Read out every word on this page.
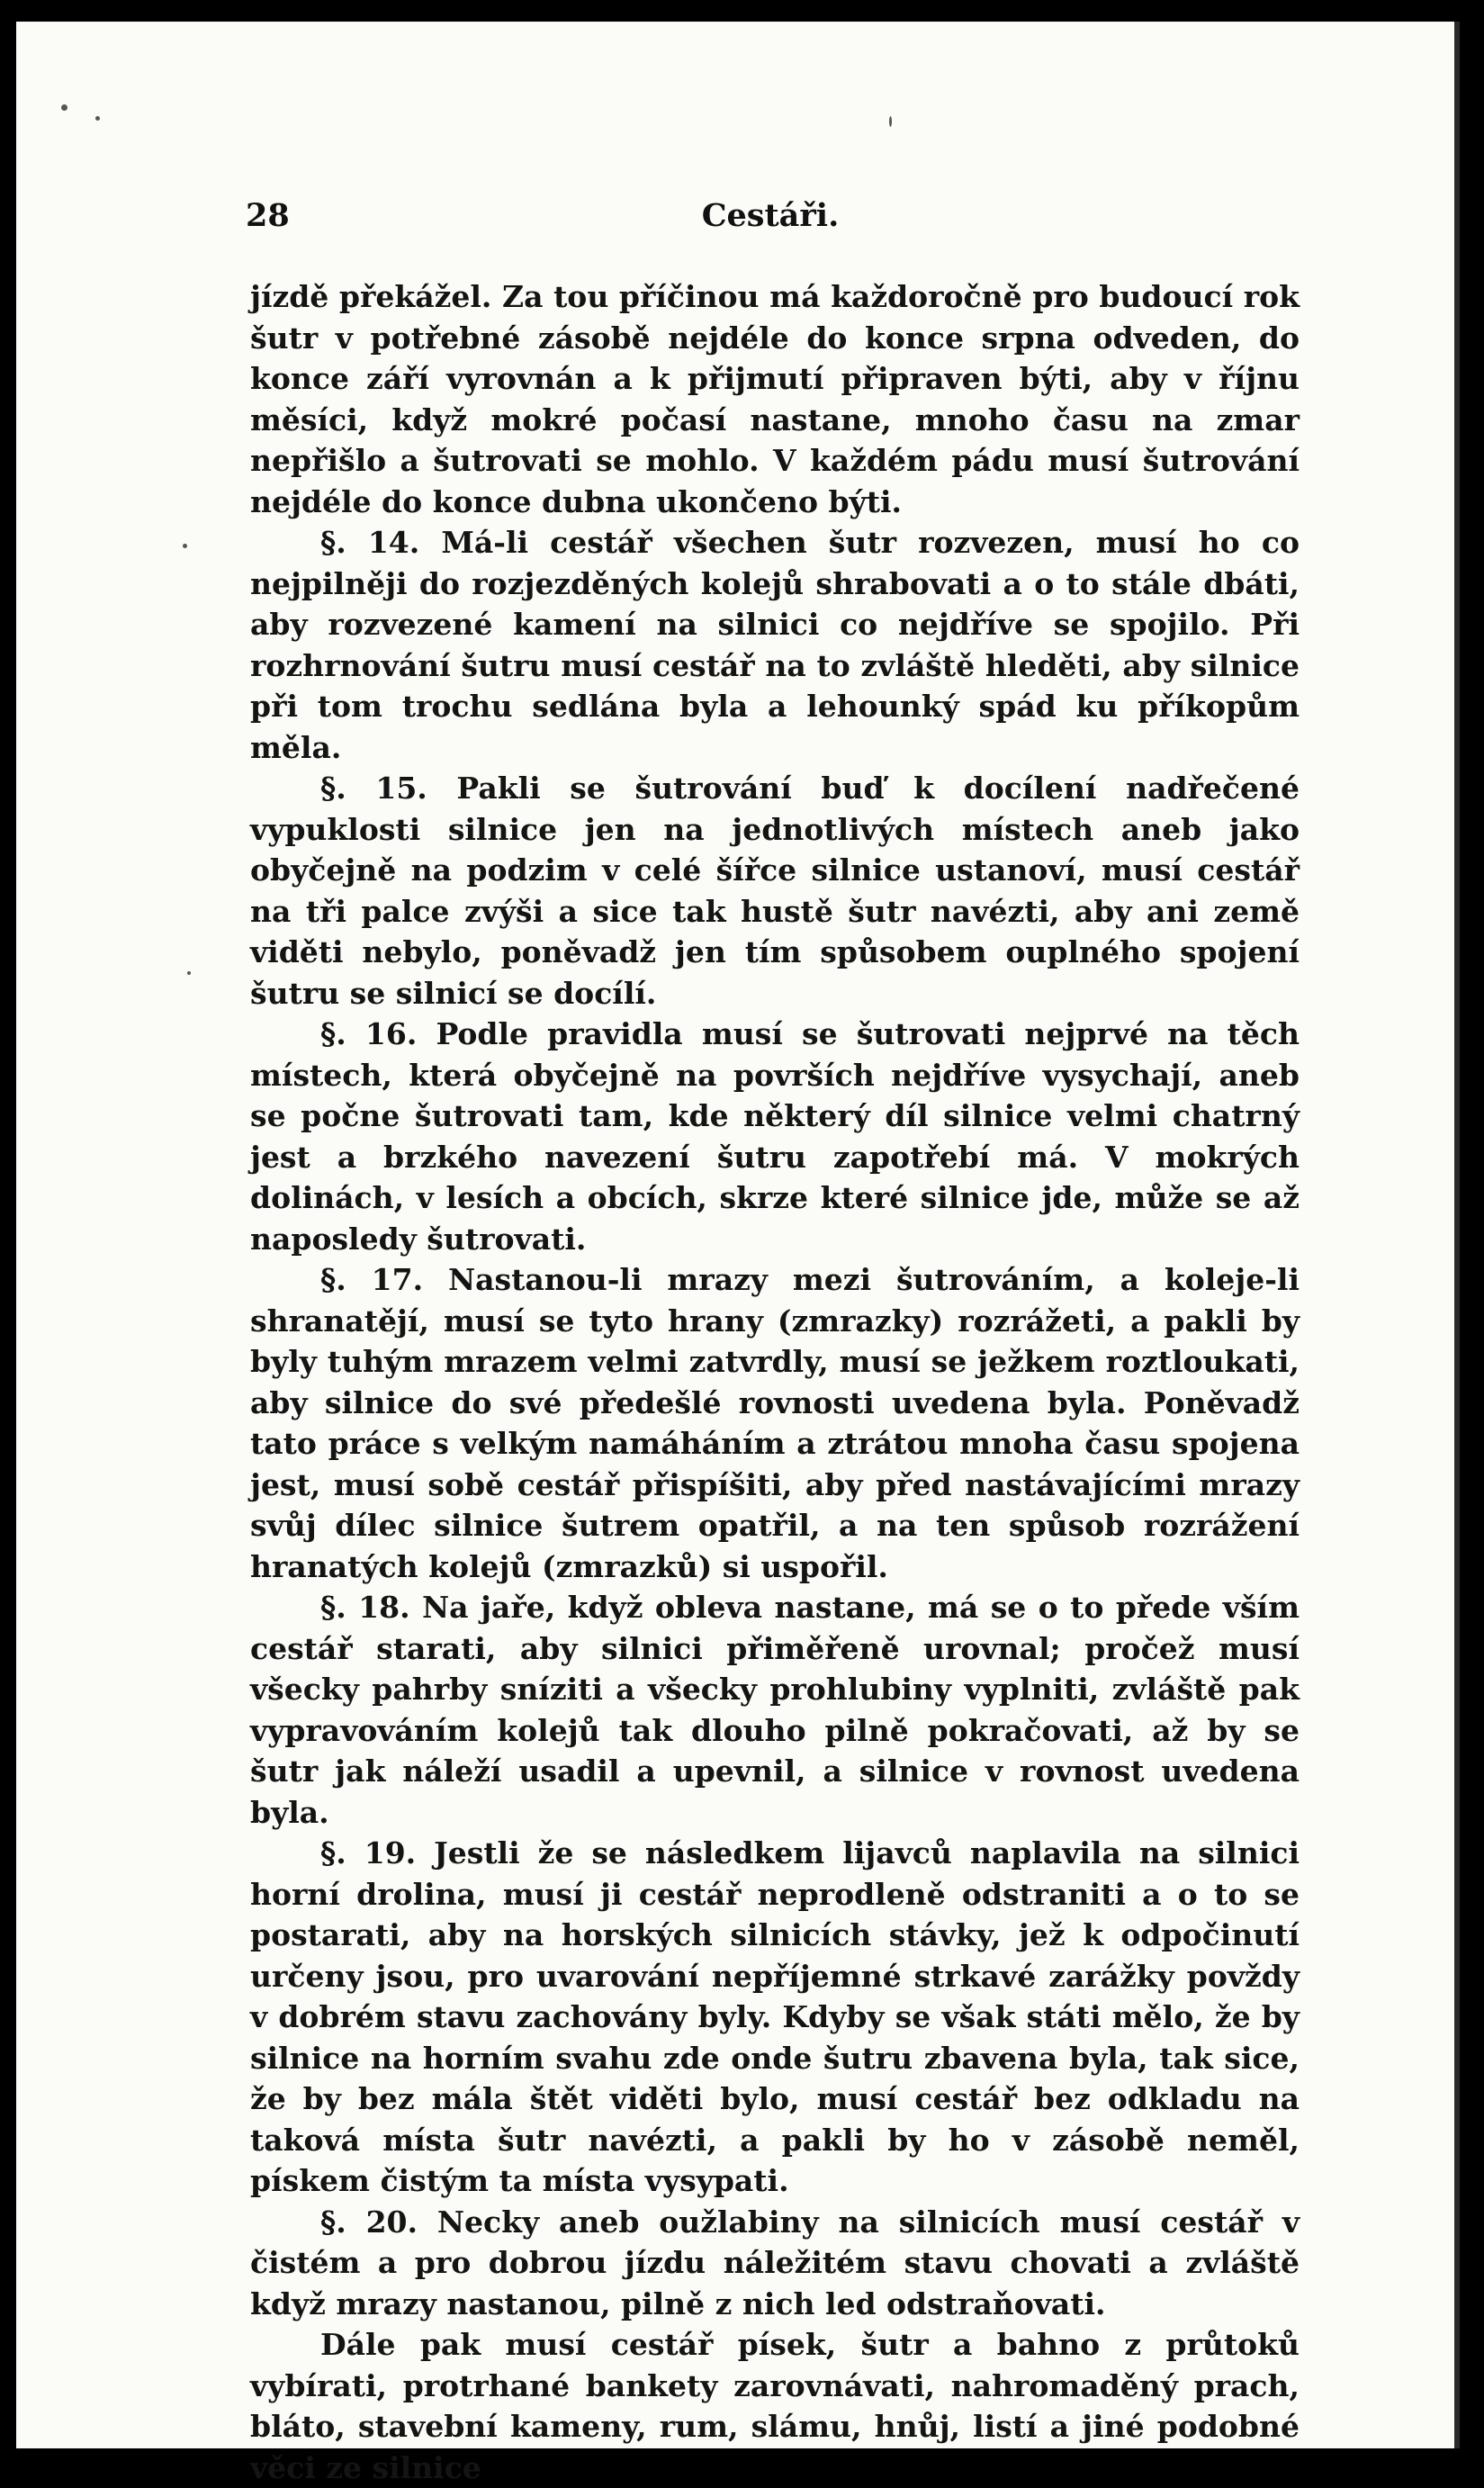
28	Cestáři.

jízdě překážel. Za tou příčinou má každoročně pro budoucí rok šutr v potřebné zásobě nejdéle do konce srpna odveden, do konce září vyrovnán a k přijmutí připraven býti, aby v říjnu měsíci, když mokré počasí nastane, mnoho času na zmar nepřišlo a šutrovati se mohlo. V každém pádu musí šutrování nejdéle do konce dubna ukončeno býti.

§. 14. Má-li cestář všechen šutr rozvezen, musí ho co nejpilněji do rozjezděných kolejů shrabovati a o to stále dbáti, aby rozvezené kamení na silnici co nejdříve se spojilo. Při rozhrnování šutru musí cestář na to zvláště hleděti, aby silnice při tom trochu sedlána byla a lehounký spád ku příkopům měla.

§. 15. Pakli se šutrování buď k docílení nadřečené vypuklosti silnice jen na jednotlivých místech aneb jako obyčejně na podzim v celé šířce silnice ustanoví, musí cestář na tři palce zvýši a sice tak hustě šutr navézti, aby ani země viděti nebylo, poněvadž jen tím spůsobem ouplného spojení šutru se silnicí se docílí.

§. 16. Podle pravidla musí se šutrovati nejprvé na těch místech, která obyčejně na površích nejdříve vysychají, aneb se počne šutrovati tam, kde některý díl silnice velmi chatrný jest a brzkého navezení šutru zapotřebí má. V mokrých dolinách, v lesích a obcích, skrze které silnice jde, může se až naposledy šutrovati.

§. 17. Nastanou-li mrazy mezi šutrováním, a koleje-li shranatějí, musí se tyto hrany (zmrazky) rozrážeti, a pakli by byly tuhým mrazem velmi zatvrdly, musí se ježkem roztloukati, aby silnice do své předešlé rovnosti uvedena byla. Poněvadž tato práce s velkým namáháním a ztrátou mnoha času spojena jest, musí sobě cestář přispíšiti, aby před nastávajícími mrazy svůj dílec silnice šutrem opatřil, a na ten spůsob rozrážení hranatých kolejů (zmrazků) si uspořil.

§. 18. Na jaře, když obleva nastane, má se o to přede vším cestář starati, aby silnici přiměřeně urovnal; pročež musí všecky pahrby sníziti a všecky prohlubiny vyplniti, zvláště pak vypravováním kolejů tak dlouho pilně pokračovati, až by se šutr jak náleží usadil a upevnil, a silnice v rovnost uvedena byla.

§. 19. Jestli že se následkem lijavců naplavila na silnici horní drolina, musí ji cestář neprodleně odstraniti a o to se postarati, aby na horských silnicích stávky, jež k odpočinutí určeny jsou, pro uvarování nepříjemné strkavé zarážky povždy v dobrém stavu zachovány byly. Kdyby se však státi mělo, že by silnice na horním svahu zde onde šutru zbavena byla, tak sice, že by bez mála štět viděti bylo, musí cestář bez odkladu na taková místa šutr navézti, a pakli by ho v zásobě neměl, pískem čistým ta místa vysypati.

§. 20. Necky aneb oužlabiny na silnicích musí cestář v čistém a pro dobrou jízdu náležitém stavu chovati a zvláště když mrazy nastanou, pilně z nich led odstraňovati.

Dále pak musí cestář písek, šutr a bahno z průtoků vybírati, protrhané bankety zarovnávati, nahromaděný prach, bláto, stavební kameny, rum, slámu, hnůj, listí a jiné podobné věci ze silnice
